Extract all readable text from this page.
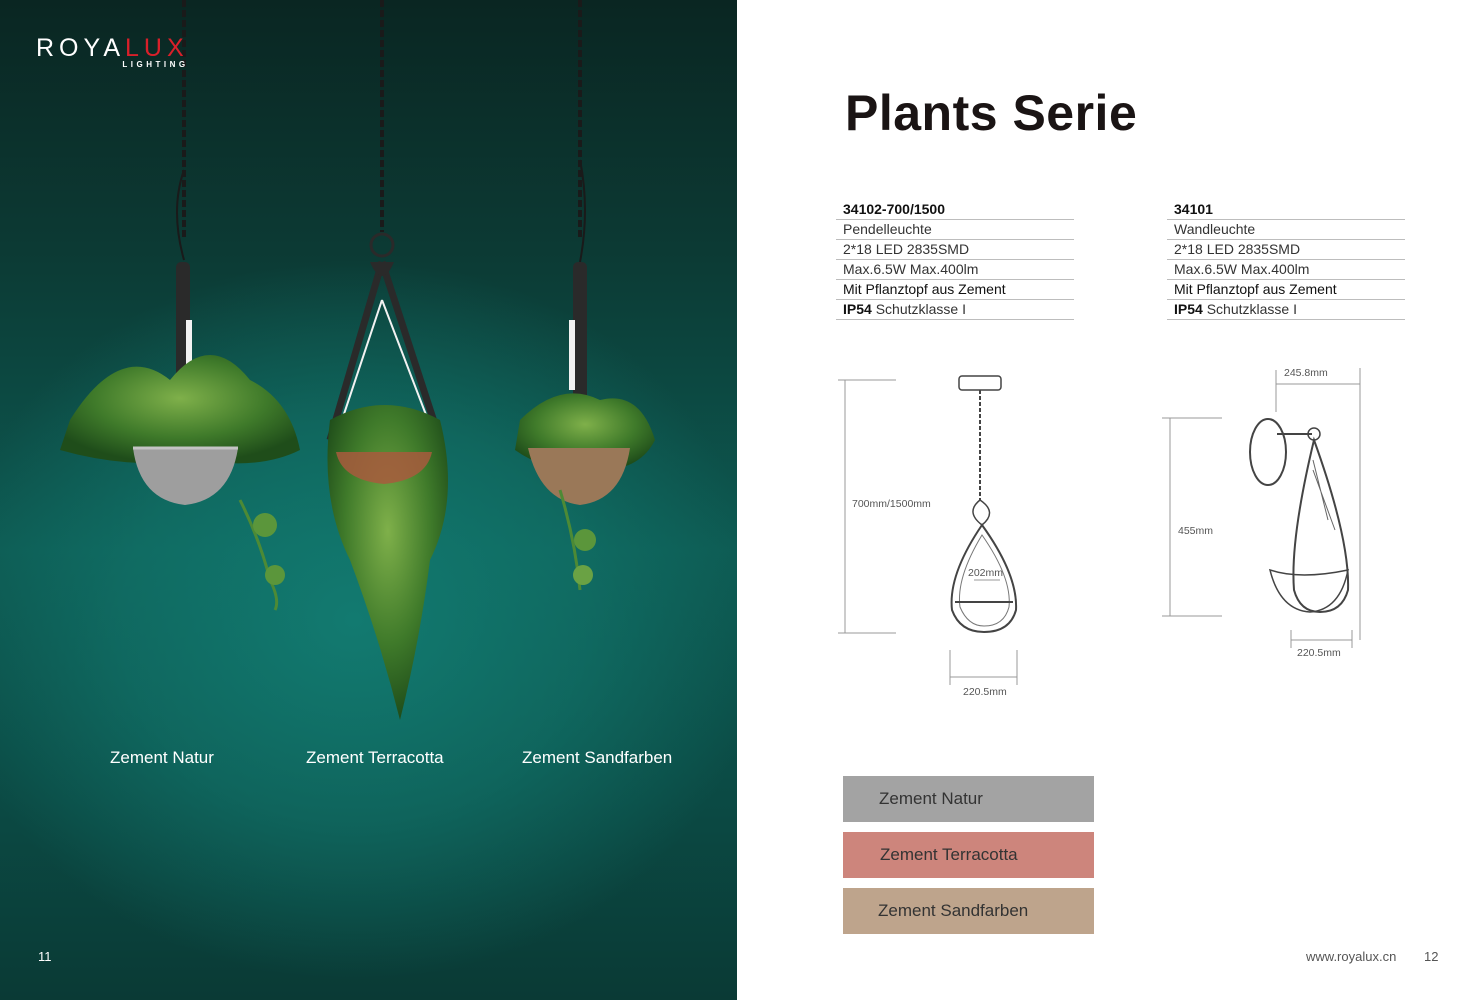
ROYALUX
LIGHTING
Zement Natur	Zement Terracotta	Zement Sandfarben
11
Plants Serie
34102-700/1500
Pendelleuchte
2*18 LED 2835SMD
Max.6.5W Max.400lm
Mit Pflanztopf aus Zement
IP54 Schutzklasse I
34101
Wandleuchte
2*18 LED 2835SMD
Max.6.5W Max.400lm
Mit Pflanztopf aus Zement
IP54 Schutzklasse I
700mm/1500mm
202mm
220.5mm
245.8mm
455mm
220.5mm
Zement Natur
Zement Terracotta
Zement Sandfarben
www.royalux.cn 12
